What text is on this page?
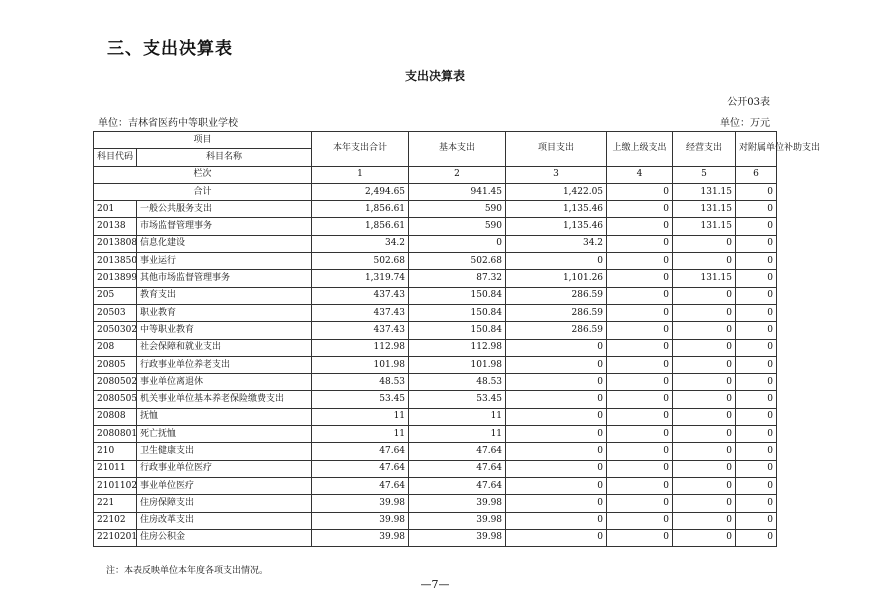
三、支出决算表
支出决算表
公开03表
单位：吉林省医药中等职业学校	单位：万元
项目		本年支出合计	基本支出	项目支出	上缴上级支出	经营支出	对附属单位补助支出
科目代码	科目名称						
栏次		1	2	3	4	5	6
合计		2,494.65	941.45	1,422.05	0	131.15	0
201	一般公共服务支出	1,856.61	590	1,135.46	0	131.15	0
20138	市场监督管理事务	1,856.61	590	1,135.46	0	131.15	0
2013808	信息化建设	34.2	0	34.2	0	0	0
2013850	事业运行	502.68	502.68	0	0	0	0
2013899	其他市场监督管理事务	1,319.74	87.32	1,101.26	0	131.15	0
205	教育支出	437.43	150.84	286.59	0	0	0
20503	职业教育	437.43	150.84	286.59	0	0	0
2050302	中等职业教育	437.43	150.84	286.59	0	0	0
208	社会保障和就业支出	112.98	112.98	0	0	0	0
20805	行政事业单位养老支出	101.98	101.98	0	0	0	0
2080502	事业单位离退休	48.53	48.53	0	0	0	0
2080505	机关事业单位基本养老保险缴费支出	53.45	53.45	0	0	0	0
20808	抚恤	11	11	0	0	0	0
2080801	死亡抚恤	11	11	0	0	0	0
210	卫生健康支出	47.64	47.64	0	0	0	0
21011	行政事业单位医疗	47.64	47.64	0	0	0	0
2101102	事业单位医疗	47.64	47.64	0	0	0	0
221	住房保障支出	39.98	39.98	0	0	0	0
22102	住房改革支出	39.98	39.98	0	0	0	0
2210201	住房公积金	39.98	39.98	0	0	0	0
注：本表反映单位本年度各项支出情况。
—7—
